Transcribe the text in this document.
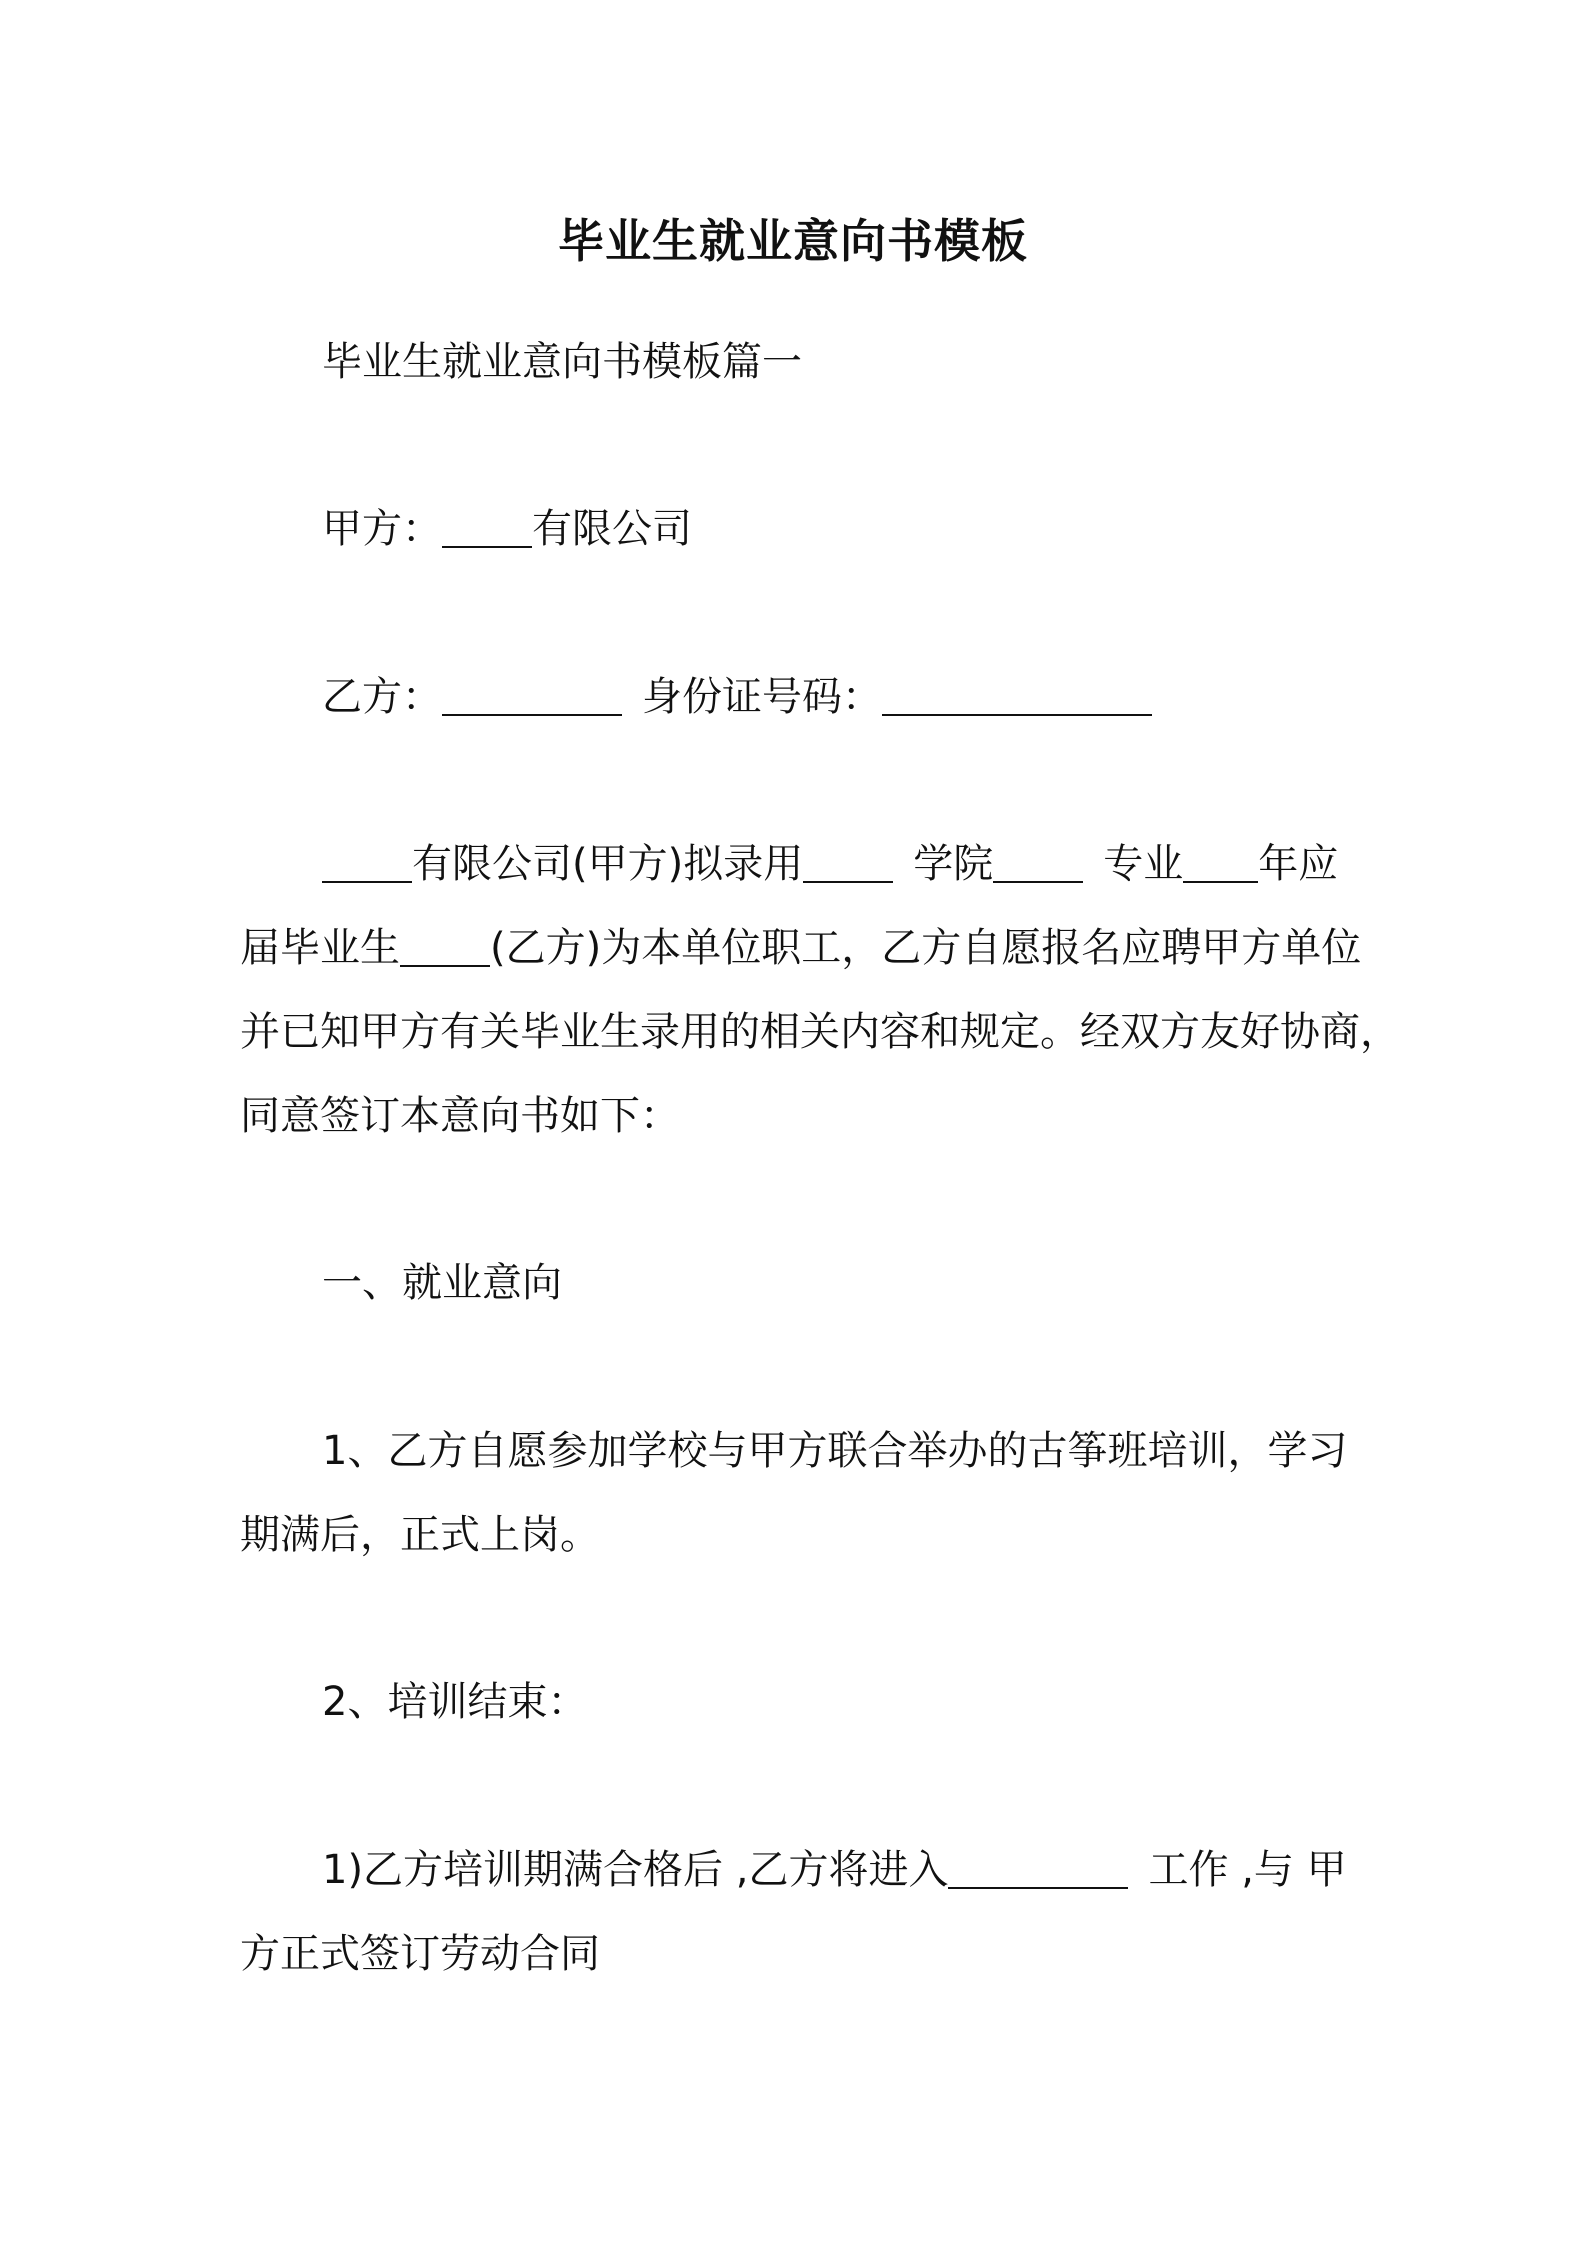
毕业生就业意向书模板
毕业生就业意向书模板篇一
甲方： 有限公司
乙方：	身份证号码：
有限公司(甲方)拟录用	学院	专业 年应
届毕业生 (乙方)为本单位职工，乙方自愿报名应聘甲方单位
并已知甲方有关毕业生录用的相关内容和规定。经双方友好协商，
同意签订本意向书如下：
一、就业意向
1、乙方自愿参加学校与甲方联合举办的古筝班培训，学习
期满后，正式上岗。
2、培训结束：
1)乙方培训期满合格后 ,乙方将进入	工作 ,与 甲
方正式签订劳动合同
